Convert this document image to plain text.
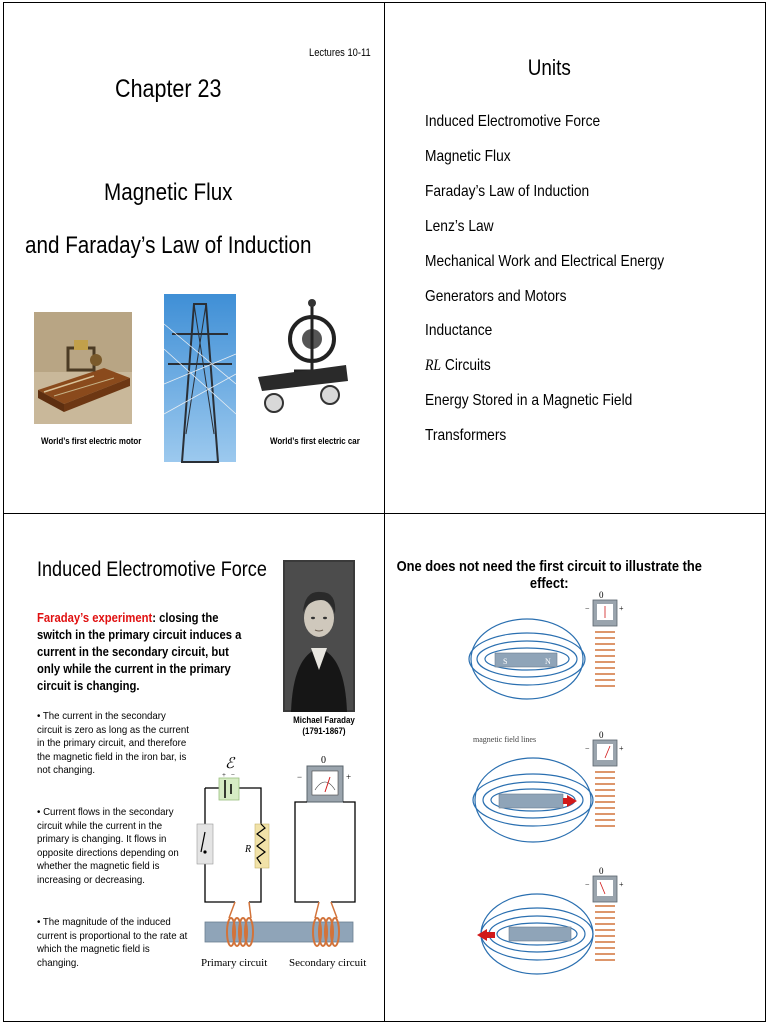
Lectures 10-11
Chapter 23
Magnetic Flux
and Faraday’s Law of Induction
World’s first electric motor	World’s first electric car
Units
Induced Electromotive Force
Magnetic Flux
Faraday’s Law of Induction
Lenz’s Law
Mechanical Work and Electrical Energy
Generators and Motors
Inductance
RL Circuits
Energy Stored in a Magnetic Field
Transformers
Induced Electromotive Force
Faraday’s experiment: closing the switch in the primary circuit induces a current in the secondary circuit, but only while the current in the primary circuit is changing.
• The current in the secondary circuit is zero as long as the current in the primary circuit, and therefore the magnetic field in the iron bar, is not changing.
• Current flows in the secondary circuit while the current in the primary is changing. It flows in opposite directions depending on whether the magnetic field is increasing or decreasing.
• The magnitude of the induced current is proportional to the rate at which the magnetic field is changing.
Michael Faraday
(1791-1867)
+ −
ℰ
R
0
−	+
Primary circuit Secondary circuit
One does not need the first circuit to illustrate the effect:
S	N
0
−	+
magnetic field lines	0
−	+
0
−	+
